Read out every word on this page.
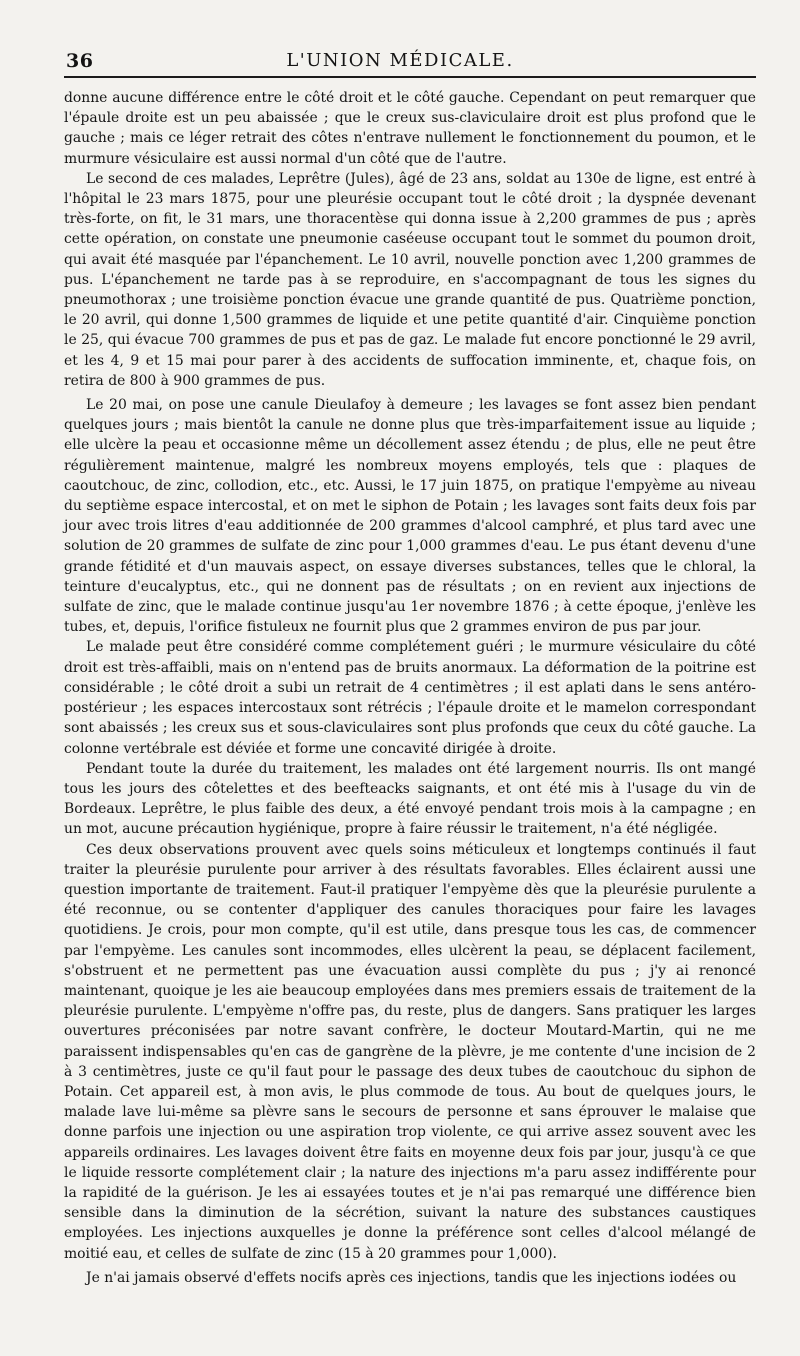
36	L'UNION MÉDICALE.

donne aucune différence entre le côté droit et le côté gauche. Cependant on peut remarquer que l'épaule droite est un peu abaissée ; que le creux sus-claviculaire droit est plus profond que le gauche ; mais ce léger retrait des côtes n'entrave nullement le fonctionnement du poumon, et le murmure vésiculaire est aussi normal d'un côté que de l'autre.

Le second de ces malades, Leprêtre (Jules), âgé de 23 ans, soldat au 130e de ligne, est entré à l'hôpital le 23 mars 1875, pour une pleurésie occupant tout le côté droit ; la dyspnée devenant très-forte, on fit, le 31 mars, une thoracentèse qui donna issue à 2,200 grammes de pus ; après cette opération, on constate une pneumonie caséeuse occupant tout le sommet du poumon droit, qui avait été masquée par l'épanchement. Le 10 avril, nouvelle ponction avec 1,200 grammes de pus. L'épanchement ne tarde pas à se reproduire, en s'accompagnant de tous les signes du pneumothorax ; une troisième ponction évacue une grande quantité de pus. Quatrième ponction, le 20 avril, qui donne 1,500 grammes de liquide et une petite quantité d'air. Cinquième ponction le 25, qui évacue 700 grammes de pus et pas de gaz. Le malade fut encore ponctionné le 29 avril, et les 4, 9 et 15 mai pour parer à des accidents de suffocation imminente, et, chaque fois, on retira de 800 à 900 grammes de pus.

Le 20 mai, on pose une canule Dieulafoy à demeure ; les lavages se font assez bien pendant quelques jours ; mais bientôt la canule ne donne plus que très-imparfaitement issue au liquide ; elle ulcère la peau et occasionne même un décollement assez étendu ; de plus, elle ne peut être régulièrement maintenue, malgré les nombreux moyens employés, tels que : plaques de caoutchouc, de zinc, collodion, etc., etc. Aussi, le 17 juin 1875, on pratique l'empyème au niveau du septième espace intercostal, et on met le siphon de Potain ; les lavages sont faits deux fois par jour avec trois litres d'eau additionnée de 200 grammes d'alcool camphré, et plus tard avec une solution de 20 grammes de sulfate de zinc pour 1,000 grammes d'eau. Le pus étant devenu d'une grande fétidité et d'un mauvais aspect, on essaye diverses substances, telles que le chloral, la teinture d'eucalyptus, etc., qui ne donnent pas de résultats ; on en revient aux injections de sulfate de zinc, que le malade continue jusqu'au 1er novembre 1876 ; à cette époque, j'enlève les tubes, et, depuis, l'orifice fistuleux ne fournit plus que 2 grammes environ de pus par jour.

Le malade peut être considéré comme complétement guéri ; le murmure vésiculaire du côté droit est très-affaibli, mais on n'entend pas de bruits anormaux. La déformation de la poitrine est considérable ; le côté droit a subi un retrait de 4 centimètres ; il est aplati dans le sens antéro-postérieur ; les espaces intercostaux sont rétrécis ; l'épaule droite et le mamelon correspondant sont abaissés ; les creux sus et sous-claviculaires sont plus profonds que ceux du côté gauche. La colonne vertébrale est déviée et forme une concavité dirigée à droite.

Pendant toute la durée du traitement, les malades ont été largement nourris. Ils ont mangé tous les jours des côtelettes et des beefteacks saignants, et ont été mis à l'usage du vin de Bordeaux. Leprêtre, le plus faible des deux, a été envoyé pendant trois mois à la campagne ; en un mot, aucune précaution hygiénique, propre à faire réussir le traitement, n'a été négligée.

Ces deux observations prouvent avec quels soins méticuleux et longtemps continués il faut traiter la pleurésie purulente pour arriver à des résultats favorables. Elles éclairent aussi une question importante de traitement. Faut-il pratiquer l'empyème dès que la pleurésie purulente a été reconnue, ou se contenter d'appliquer des canules thoraciques pour faire les lavages quotidiens. Je crois, pour mon compte, qu'il est utile, dans presque tous les cas, de commencer par l'empyème. Les canules sont incommodes, elles ulcèrent la peau, se déplacent facilement, s'obstruent et ne permettent pas une évacuation aussi complète du pus ; j'y ai renoncé maintenant, quoique je les aie beaucoup employées dans mes premiers essais de traitement de la pleurésie purulente. L'empyème n'offre pas, du reste, plus de dangers. Sans pratiquer les larges ouvertures préconisées par notre savant confrère, le docteur Moutard-Martin, qui ne me paraissent indispensables qu'en cas de gangrène de la plèvre, je me contente d'une incision de 2 à 3 centimètres, juste ce qu'il faut pour le passage des deux tubes de caoutchouc du siphon de Potain. Cet appareil est, à mon avis, le plus commode de tous. Au bout de quelques jours, le malade lave lui-même sa plèvre sans le secours de personne et sans éprouver le malaise que donne parfois une injection ou une aspiration trop violente, ce qui arrive assez souvent avec les appareils ordinaires. Les lavages doivent être faits en moyenne deux fois par jour, jusqu'à ce que le liquide ressorte complétement clair ; la nature des injections m'a paru assez indifférente pour la rapidité de la guérison. Je les ai essayées toutes et je n'ai pas remarqué une différence bien sensible dans la diminution de la sécrétion, suivant la nature des substances caustiques employées. Les injections auxquelles je donne la préférence sont celles d'alcool mélangé de moitié eau, et celles de sulfate de zinc (15 à 20 grammes pour 1,000).

Je n'ai jamais observé d'effets nocifs après ces injections, tandis que les injections iodées ou
